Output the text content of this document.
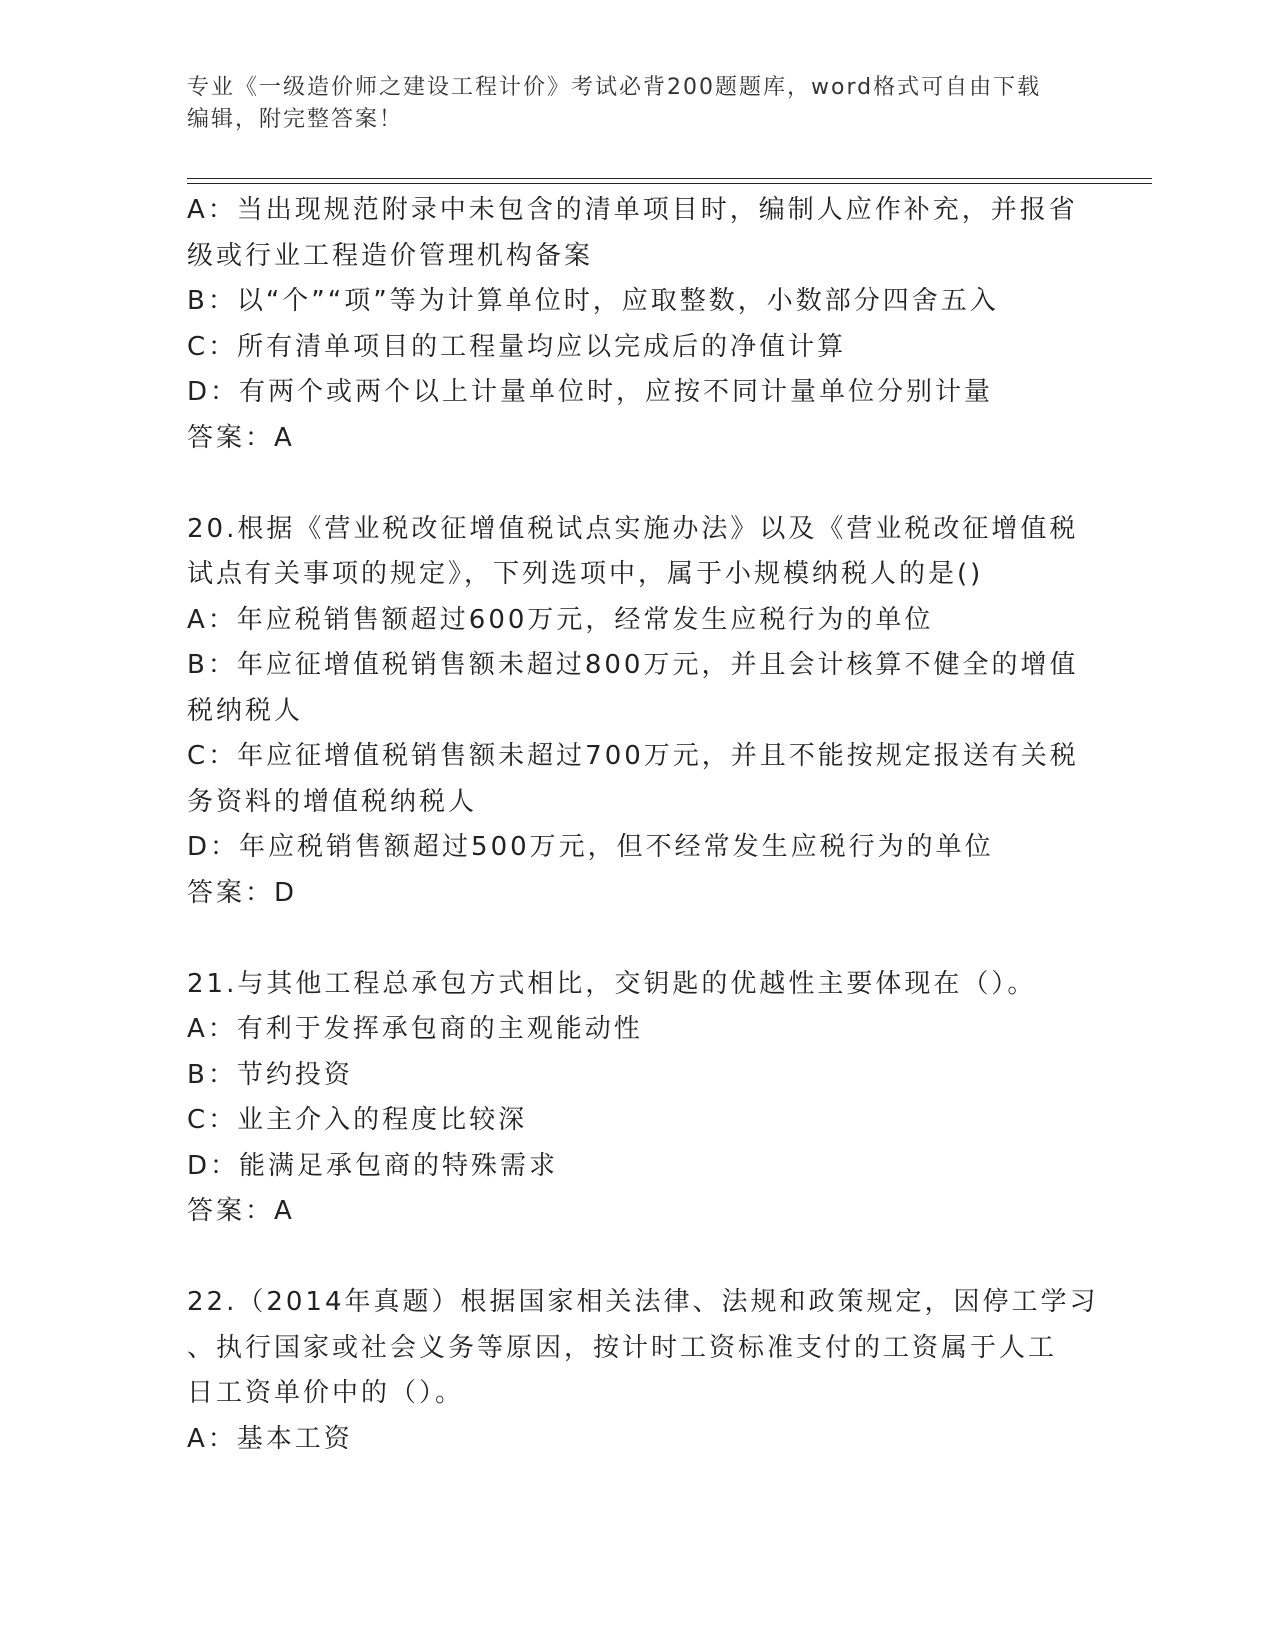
专业《一级造价师之建设工程计价》考试必背200题题库，word格式可自由下载
编辑，附完整答案！
A：当出现规范附录中未包含的清单项目时，编制人应作补充，并报省
级或行业工程造价管理机构备案
B：以“个”“项”等为计算单位时，应取整数，小数部分四舍五入
C：所有清单项目的工程量均应以完成后的净值计算
D：有两个或两个以上计量单位时，应按不同计量单位分别计量
答案：A
20.根据《营业税改征增值税试点实施办法》以及《营业税改征增值税
试点有关事项的规定》，下列选项中，属于小规模纳税人的是()
A：年应税销售额超过600万元，经常发生应税行为的单位
B：年应征增值税销售额未超过800万元，并且会计核算不健全的增值
税纳税人
C：年应征增值税销售额未超过700万元，并且不能按规定报送有关税
务资料的增值税纳税人
D：年应税销售额超过500万元，但不经常发生应税行为的单位
答案：D
21.与其他工程总承包方式相比，交钥匙的优越性主要体现在（）。
A：有利于发挥承包商的主观能动性
B：节约投资
C：业主介入的程度比较深
D：能满足承包商的特殊需求
答案：A
22.（2014年真题）根据国家相关法律、法规和政策规定，因停工学习
、执行国家或社会义务等原因，按计时工资标准支付的工资属于人工
日工资单价中的（）。
A：基本工资
